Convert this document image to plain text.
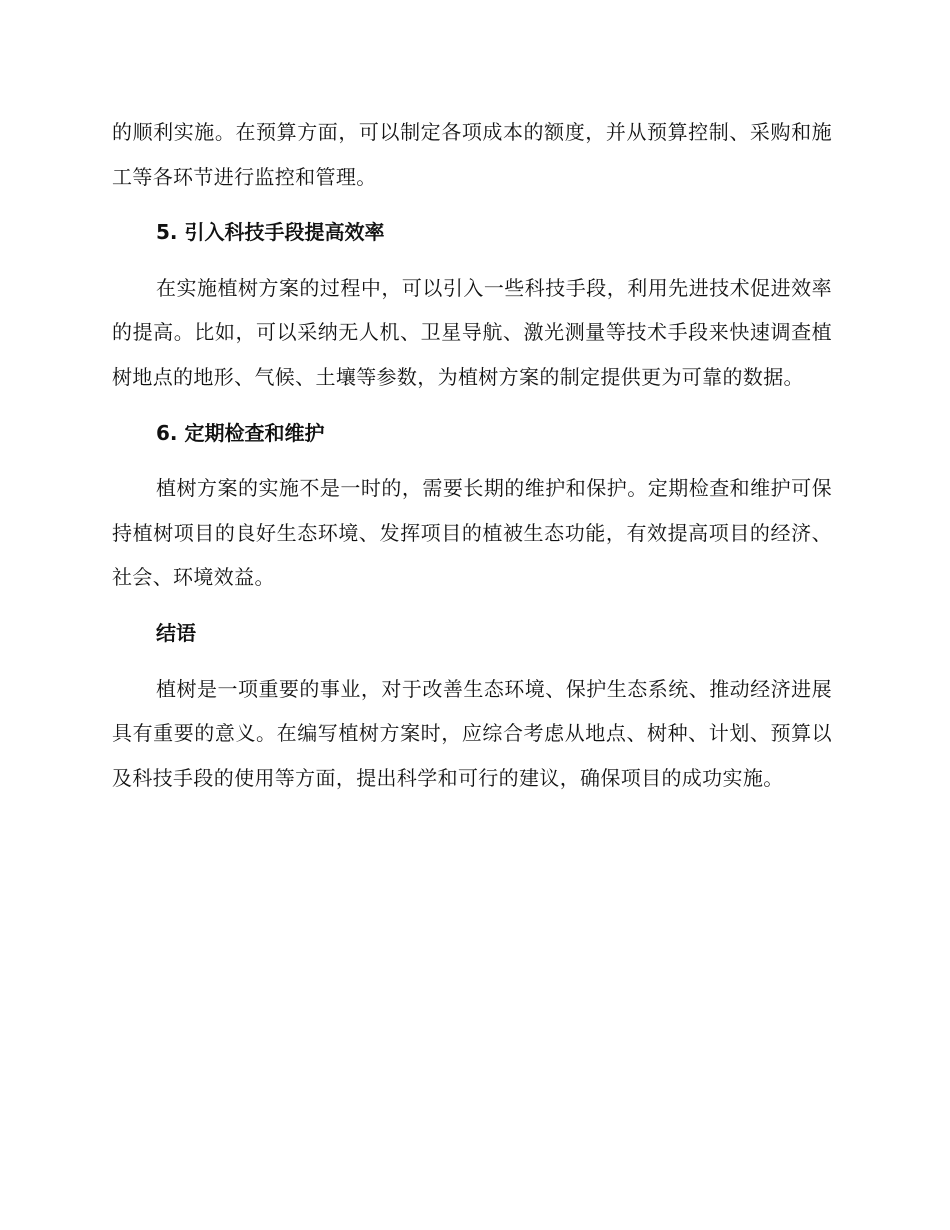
的顺利实施。在预算方面，可以制定各项成本的额度，并从预算控制、采购和施工等各环节进行监控和管理。

5. 引入科技手段提高效率

在实施植树方案的过程中，可以引入一些科技手段，利用先进技术促进效率的提高。比如，可以采纳无人机、卫星导航、激光测量等技术手段来快速调查植树地点的地形、气候、土壤等参数，为植树方案的制定提供更为可靠的数据。

6. 定期检查和维护

植树方案的实施不是一时的，需要长期的维护和保护。定期检查和维护可保持植树项目的良好生态环境、发挥项目的植被生态功能，有效提高项目的经济、社会、环境效益。

结语

植树是一项重要的事业，对于改善生态环境、保护生态系统、推动经济进展具有重要的意义。在编写植树方案时，应综合考虑从地点、树种、计划、预算以及科技手段的使用等方面，提出科学和可行的建议，确保项目的成功实施。
